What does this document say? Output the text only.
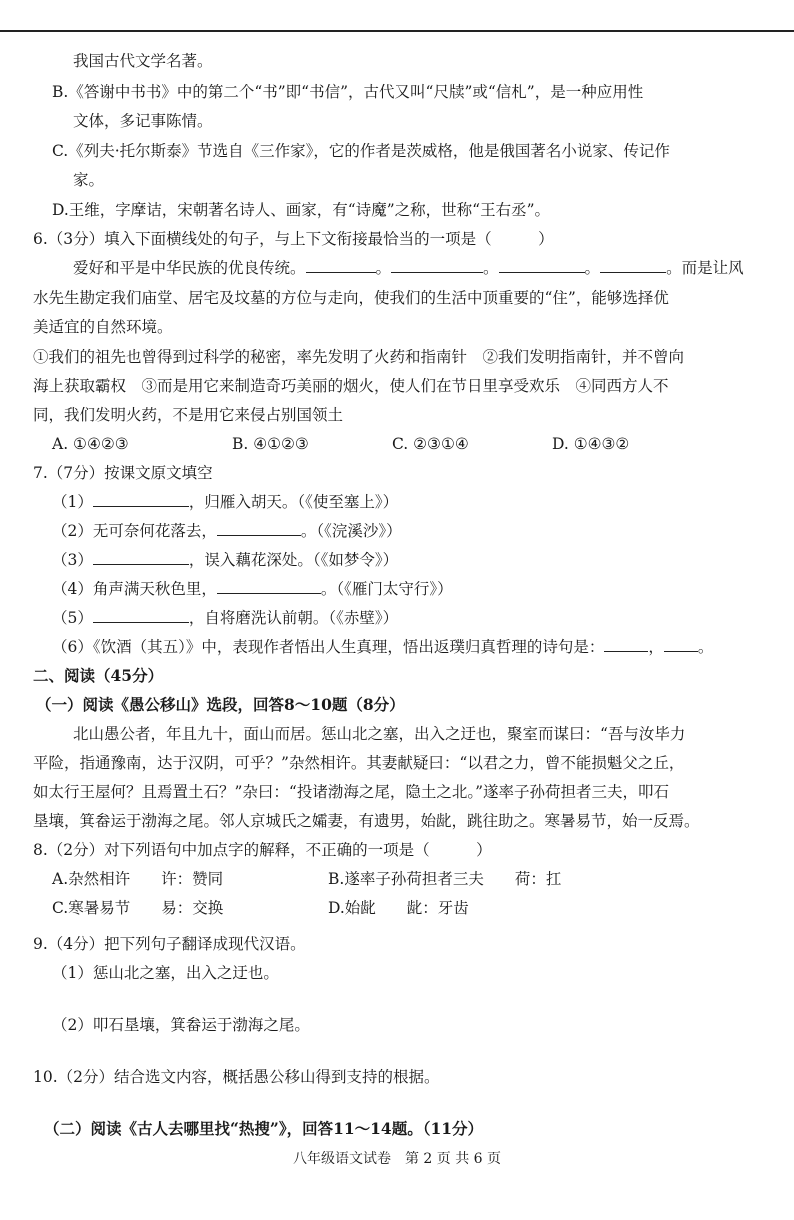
我国古代文学名著。
B.《答谢中书书》中的第二个“书”即“书信”，古代又叫“尺牍”或“信札”，是一种应用性
文体，多记事陈情。
C.《列夫·托尔斯泰》节选自《三作家》，它的作者是茨威格，他是俄国著名小说家、传记作
家。
D.王维，字摩诘，宋朝著名诗人、画家，有“诗魔”之称，世称“王右丞”。
6.（3分）填入下面横线处的句子，与上下文衔接最恰当的一项是（　　　）
爱好和平是中华民族的优良传统。	。	。	。	。而是让风
水先生勘定我们庙堂、居宅及坟墓的方位与走向，使我们的生活中顶重要的“住”，能够选择优
美适宜的自然环境。
①我们的祖先也曾得到过科学的秘密，率先发明了火药和指南针　②我们发明指南针，并不曾向
海上获取霸权　③而是用它来制造奇巧美丽的烟火，使人们在节日里享受欢乐　④同西方人不
同，我们发明火药，不是用它来侵占别国领土
A. ①④②③	B. ④①②③	C. ②③①④	D. ①④③②
7.（7分）按课文原文填空
（1）	，归雁入胡天。（《使至塞上》）
（2）无可奈何花落去，	。（《浣溪沙》）
（3）	，误入藕花深处。（《如梦令》）
（4）角声满天秋色里，	。（《雁门太守行》）
（5）	，自将磨洗认前朝。（《赤壁》）
（6）《饮酒（其五）》中，表现作者悟出人生真理，悟出返璞归真哲理的诗句是：	， 。
二、阅读（45分）
（一）阅读《愚公移山》选段，回答8～10题（8分）
北山愚公者，年且九十，面山而居。惩山北之塞，出入之迂也，聚室而谋曰：“吾与汝毕力
平险，指通豫南，达于汉阴，可乎？”杂然相许。其妻献疑曰：“以君之力，曾不能损魁父之丘，
如太行王屋何？且焉置土石？”杂曰：“投诸渤海之尾，隐土之北。”遂率子孙荷担者三夫，叩石
垦壤，箕畚运于渤海之尾。邻人京城氏之孀妻，有遗男，始龀，跳往助之。寒暑易节，始一反焉。
8.（2分）对下列语句中加点字的解释，不正确的一项是（　　　）
A.杂然相许　　许：赞同	B.遂率子孙荷担者三夫　　荷：扛
C.寒暑易节　　易：交换	D.始龀　　龀：牙齿
9.（4分）把下列句子翻译成现代汉语。
（1）惩山北之塞，出入之迂也。
（2）叩石垦壤，箕畚运于渤海之尾。
10.（2分）结合选文内容，概括愚公移山得到支持的根据。
（二）阅读《古人去哪里找“热搜”》，回答11～14题。（11分）
八年级语文试卷　第 2 页 共 6 页
